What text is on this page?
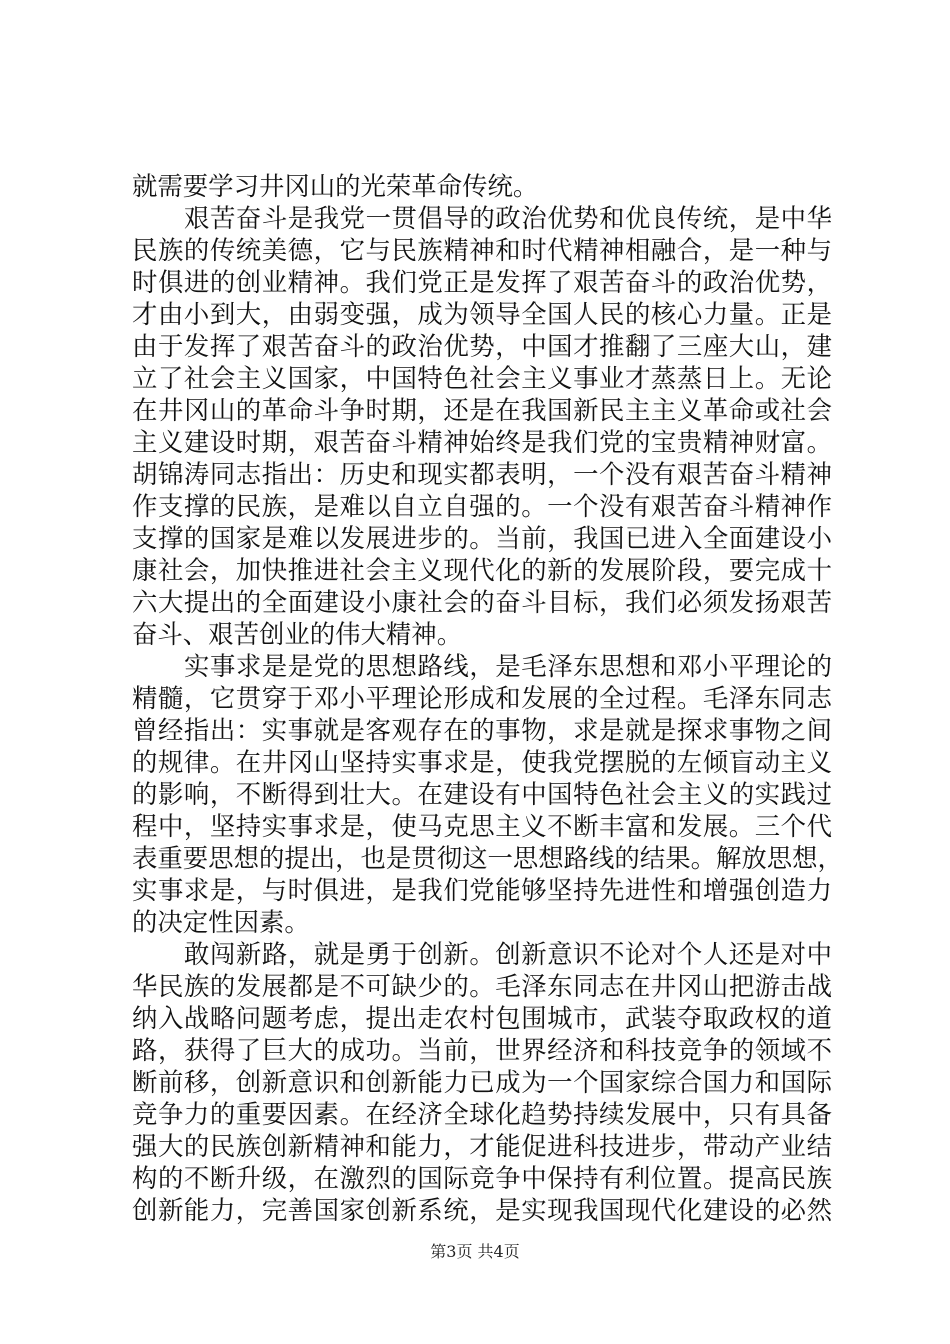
就需要学习井冈山的光荣革命传统。
艰苦奋斗是我党一贯倡导的政治优势和优良传统，是中华
民族的传统美德，它与民族精神和时代精神相融合，是一种与
时俱进的创业精神。我们党正是发挥了艰苦奋斗的政治优势，
才由小到大，由弱变强，成为领导全国人民的核心力量。正是
由于发挥了艰苦奋斗的政治优势，中国才推翻了三座大山，建
立了社会主义国家，中国特色社会主义事业才蒸蒸日上。无论
在井冈山的革命斗争时期，还是在我国新民主主义革命或社会
主义建设时期，艰苦奋斗精神始终是我们党的宝贵精神财富。
胡锦涛同志指出：历史和现实都表明，一个没有艰苦奋斗精神
作支撑的民族，是难以自立自强的。一个没有艰苦奋斗精神作
支撑的国家是难以发展进步的。当前，我国已进入全面建设小
康社会，加快推进社会主义现代化的新的发展阶段，要完成十
六大提出的全面建设小康社会的奋斗目标，我们必须发扬艰苦
奋斗、艰苦创业的伟大精神。
实事求是是党的思想路线，是毛泽东思想和邓小平理论的
精髓，它贯穿于邓小平理论形成和发展的全过程。毛泽东同志
曾经指出：实事就是客观存在的事物，求是就是探求事物之间
的规律。在井冈山坚持实事求是，使我党摆脱的左倾盲动主义
的影响，不断得到壮大。在建设有中国特色社会主义的实践过
程中，坚持实事求是，使马克思主义不断丰富和发展。三个代
表重要思想的提出，也是贯彻这一思想路线的结果。解放思想，
实事求是，与时俱进，是我们党能够坚持先进性和增强创造力
的决定性因素。
敢闯新路，就是勇于创新。创新意识不论对个人还是对中
华民族的发展都是不可缺少的。毛泽东同志在井冈山把游击战
纳入战略问题考虑，提出走农村包围城市，武装夺取政权的道
路，获得了巨大的成功。当前，世界经济和科技竞争的领域不
断前移，创新意识和创新能力已成为一个国家综合国力和国际
竞争力的重要因素。在经济全球化趋势持续发展中，只有具备
强大的民族创新精神和能力，才能促进科技进步，带动产业结
构的不断升级，在激烈的国际竞争中保持有利位置。提高民族
创新能力，完善国家创新系统，是实现我国现代化建设的必然
第3页 共4页
